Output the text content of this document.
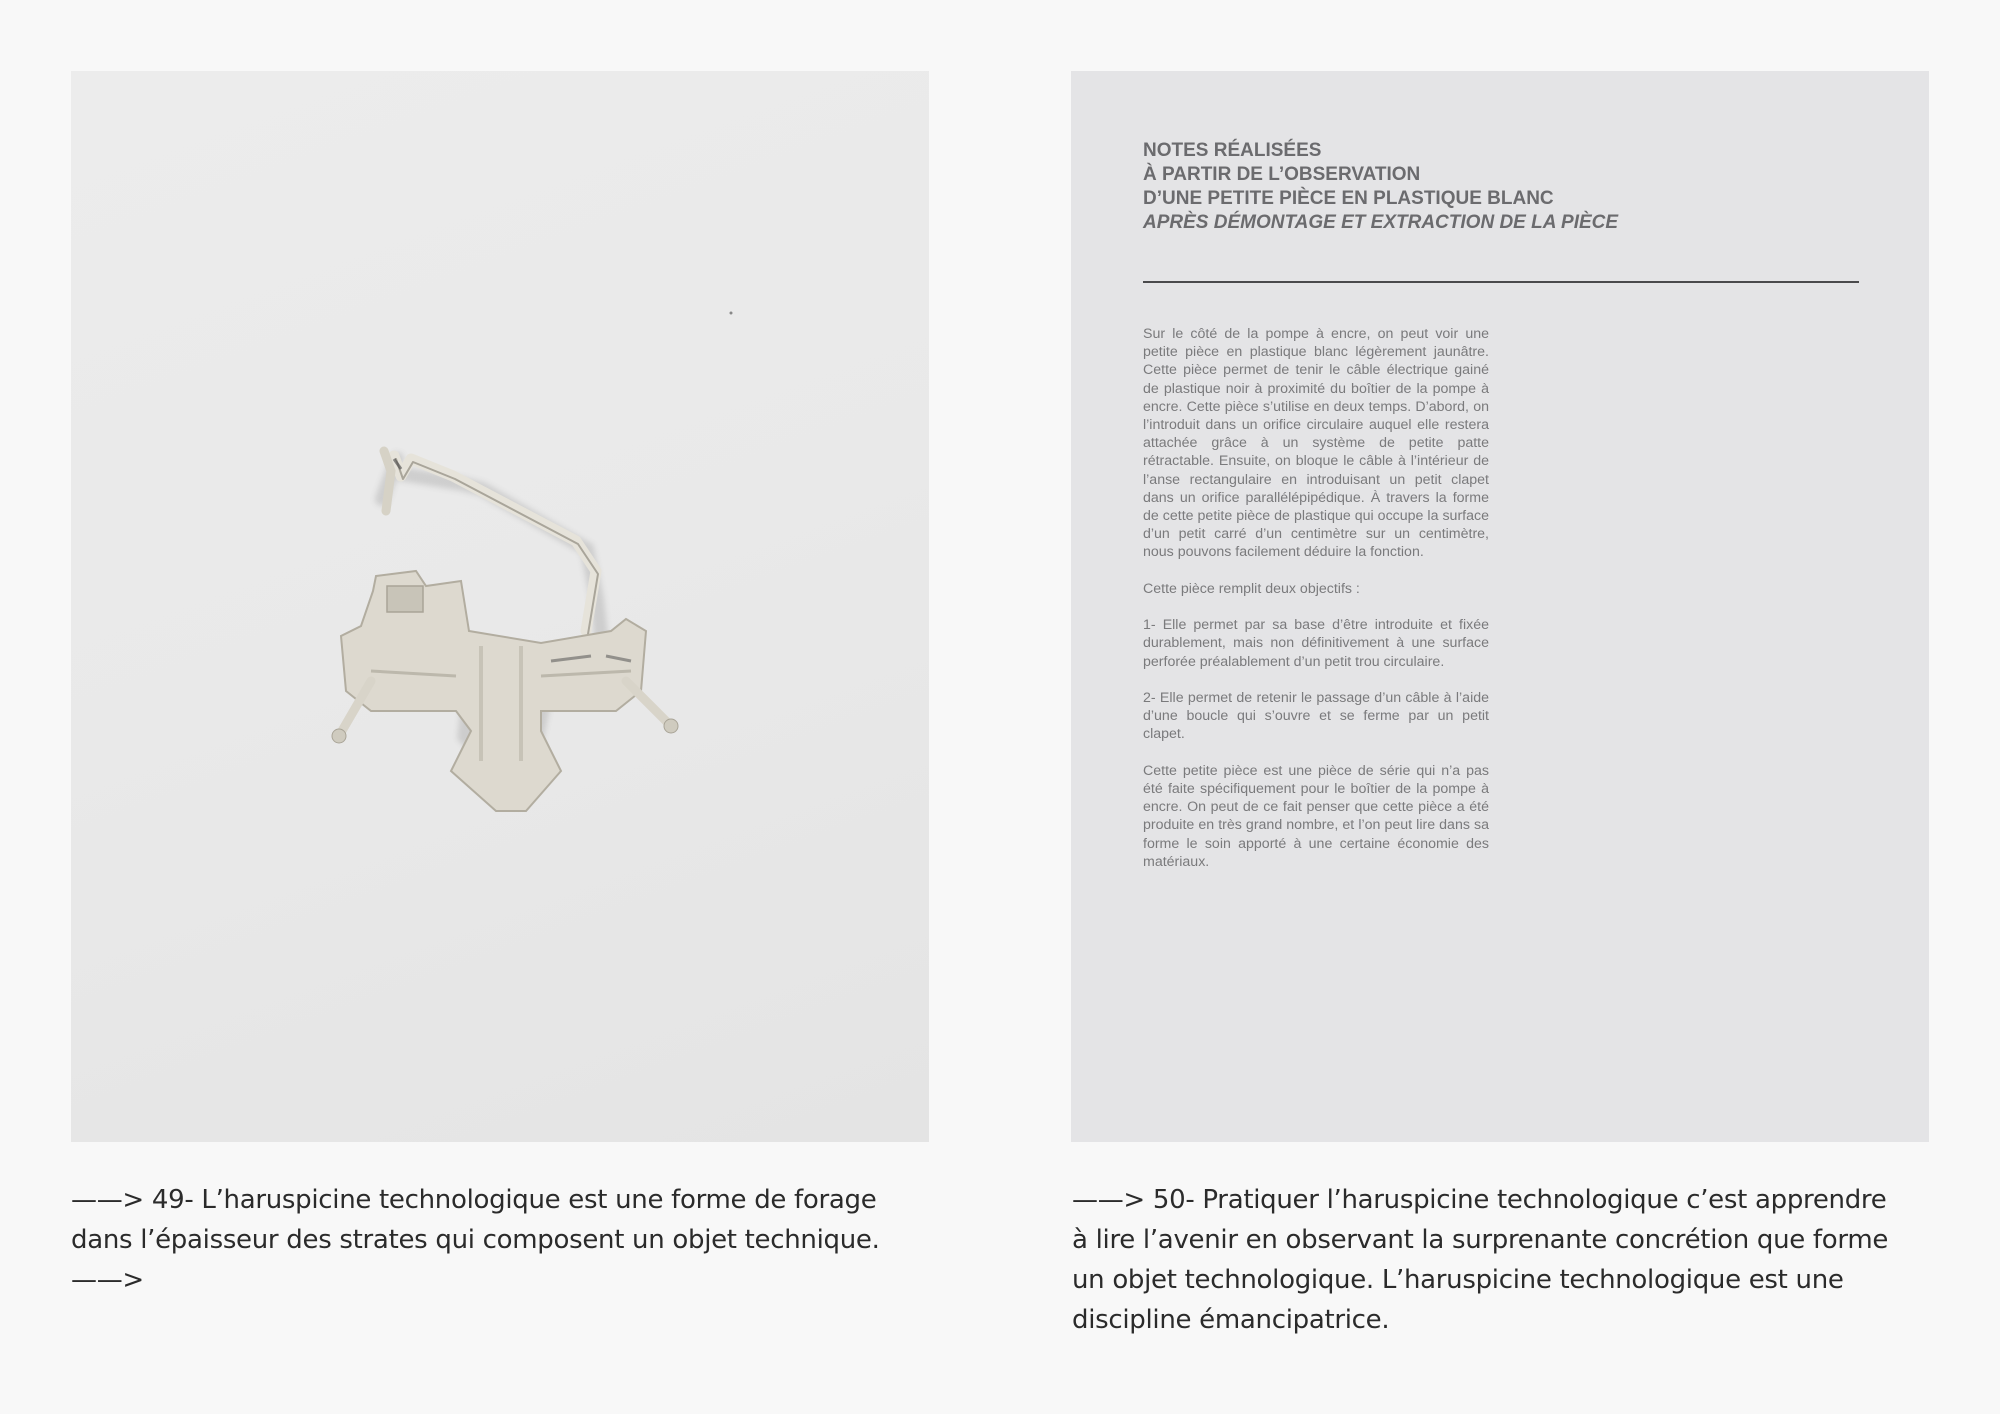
NOTES RÉALISÉES
À PARTIR DE L’OBSERVATION
D’UNE PETITE PIÈCE EN PLASTIQUE BLANC
APRÈS DÉMONTAGE ET EXTRACTION DE LA PIÈCE

Sur le côté de la pompe à encre, on peut voir une petite pièce en plastique blanc légèrement jaunâtre. Cette pièce permet de tenir le câble électrique gainé de plastique noir à proximité du boîtier de la pompe à encre. Cette pièce s’utilise en deux temps. D’abord, on l’introduit dans un orifice circulaire auquel elle restera attachée grâce à un système de petite patte rétractable. Ensuite, on bloque le câble à l’intérieur de l’anse rectangulaire en introduisant un petit clapet dans un orifice parallélépipédique. À travers la forme de cette petite pièce de plastique qui occupe la surface d’un petit carré d’un centimètre sur un centimètre, nous pouvons facilement déduire la fonction.

Cette pièce remplit deux objectifs :

1- Elle permet par sa base d’être introduite et fixée durablement, mais non définitivement à une surface perforée préalablement d’un petit trou circulaire.

2- Elle permet de retenir le passage d’un câble à l’aide d’une boucle qui s’ouvre et se ferme par un petit clapet.

Cette petite pièce est une pièce de série qui n’a pas été faite spécifiquement pour le boîtier de la pompe à encre. On peut de ce fait penser que cette pièce a été produite en très grand nombre, et l’on peut lire dans sa forme le soin apporté à une certaine économie des matériaux.

——> 49- L’haruspicine technologique est une forme de forage
dans l’épaisseur des strates qui composent un objet technique.
——>
——> 50- Pratiquer l’haruspicine technologique c’est apprendre
à lire l’avenir en observant la surprenante concrétion que forme
un objet technologique. L’haruspicine technologique est une
discipline émancipatrice.
